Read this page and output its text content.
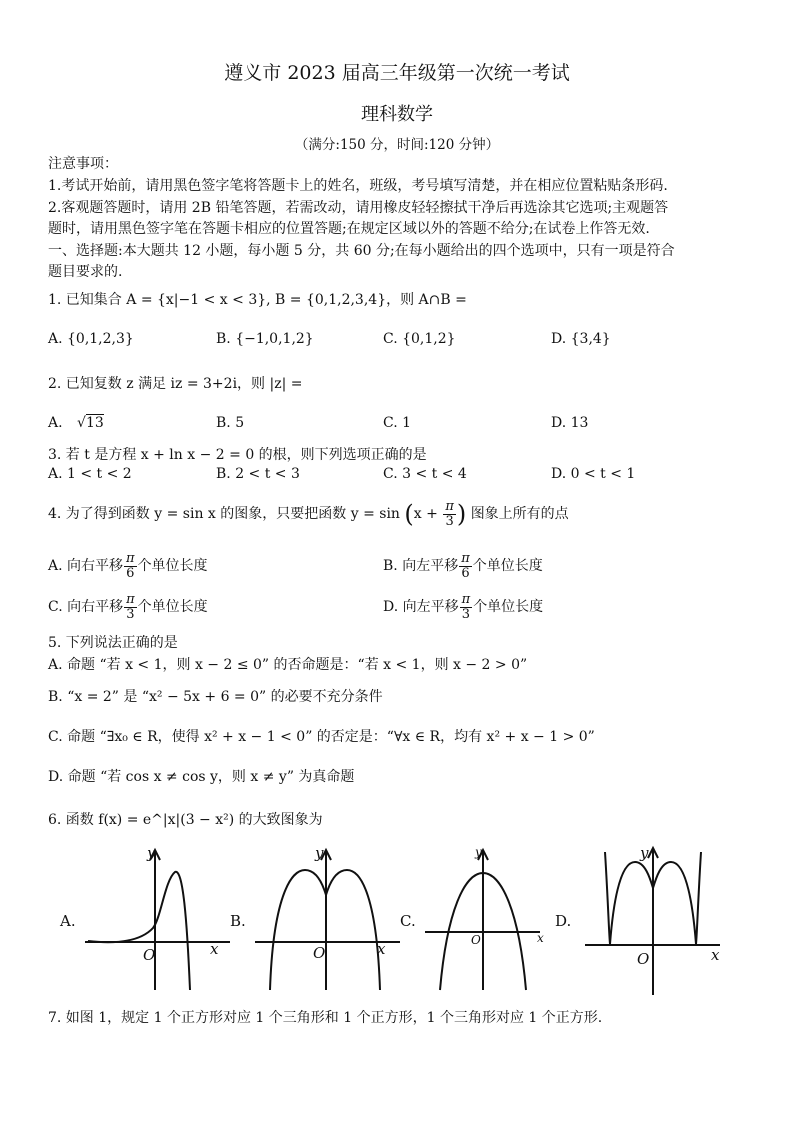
遵义市 2023 届高三年级第一次统一考试
理科数学
（满分:150 分，时间:120 分钟）
注意事项：
1.考试开始前，请用黑色签字笔将答题卡上的姓名，班级，考号填写清楚，并在相应位置粘贴条形码.
2.客观题答题时，请用 2B 铅笔答题，若需改动，请用橡皮轻轻擦拭干净后再选涂其它选项;主观题答
题时，请用黑色签字笔在答题卡相应的位置答题;在规定区域以外的答题不给分;在试卷上作答无效.
一、选择题:本大题共 12 小题，每小题 5 分，共 60 分;在每小题给出的四个选项中，只有一项是符合
题目要求的.
1. 已知集合 A = {x|−1 < x < 3}, B = {0,1,2,3,4}，则 A∩B =
A. {0,1,2,3}	B. {−1,0,1,2}	C. {0,1,2}	D. {3,4}
2. 已知复数 z 满足 iz = 3+2i，则 |z| =
A. √13	B. 5	C. 1	D. 13
3. 若 t 是方程 x + ln x − 2 = 0 的根，则下列选项正确的是
A. 1 < t < 2	B. 2 < t < 3	C. 3 < t < 4	D. 0 < t < 1
4. 为了得到函数 y = sin x 的图象，只要把函数 $y = \sin (x + \frac{\pi}{3}$ ) 图象上所有的点
A. 向右平移 $\frac{\pi}{6}$ 个单位长度	B. 向左平移 $\frac{\pi}{6}$ 个单位长度
C. 向右平移 $\frac{\pi}{3}$ 个单位长度	D. 向左平移 $\frac{\pi}{3}$ 个单位长度
5. 下列说法正确的是
A. 命题 “若 x < 1，则 x − 2 ≤ 0” 的否命题是：“若 x < 1，则 x − 2 > 0”
B. “x = 2” 是 “x² − 5x + 6 = 0” 的必要不充分条件
C. 命题 “∃x₀ ∈ R，使得 x² + x − 1 < 0” 的否定是：“∀x ∈ R，均有 x² + x − 1 > 0”
D. 命题 “若 cos x ≠ cos y，则 x ≠ y” 为真命题
6. 函数 f(x) = e^|x|(3 − x²) 的大致图象为
A.
y
x
O
B.
y
x
O
C.
y
x
O
D.
y
x
O
7. 如图 1，规定 1 个正方形对应 1 个三角形和 1 个正方形，1 个三角形对应 1 个正方形.
